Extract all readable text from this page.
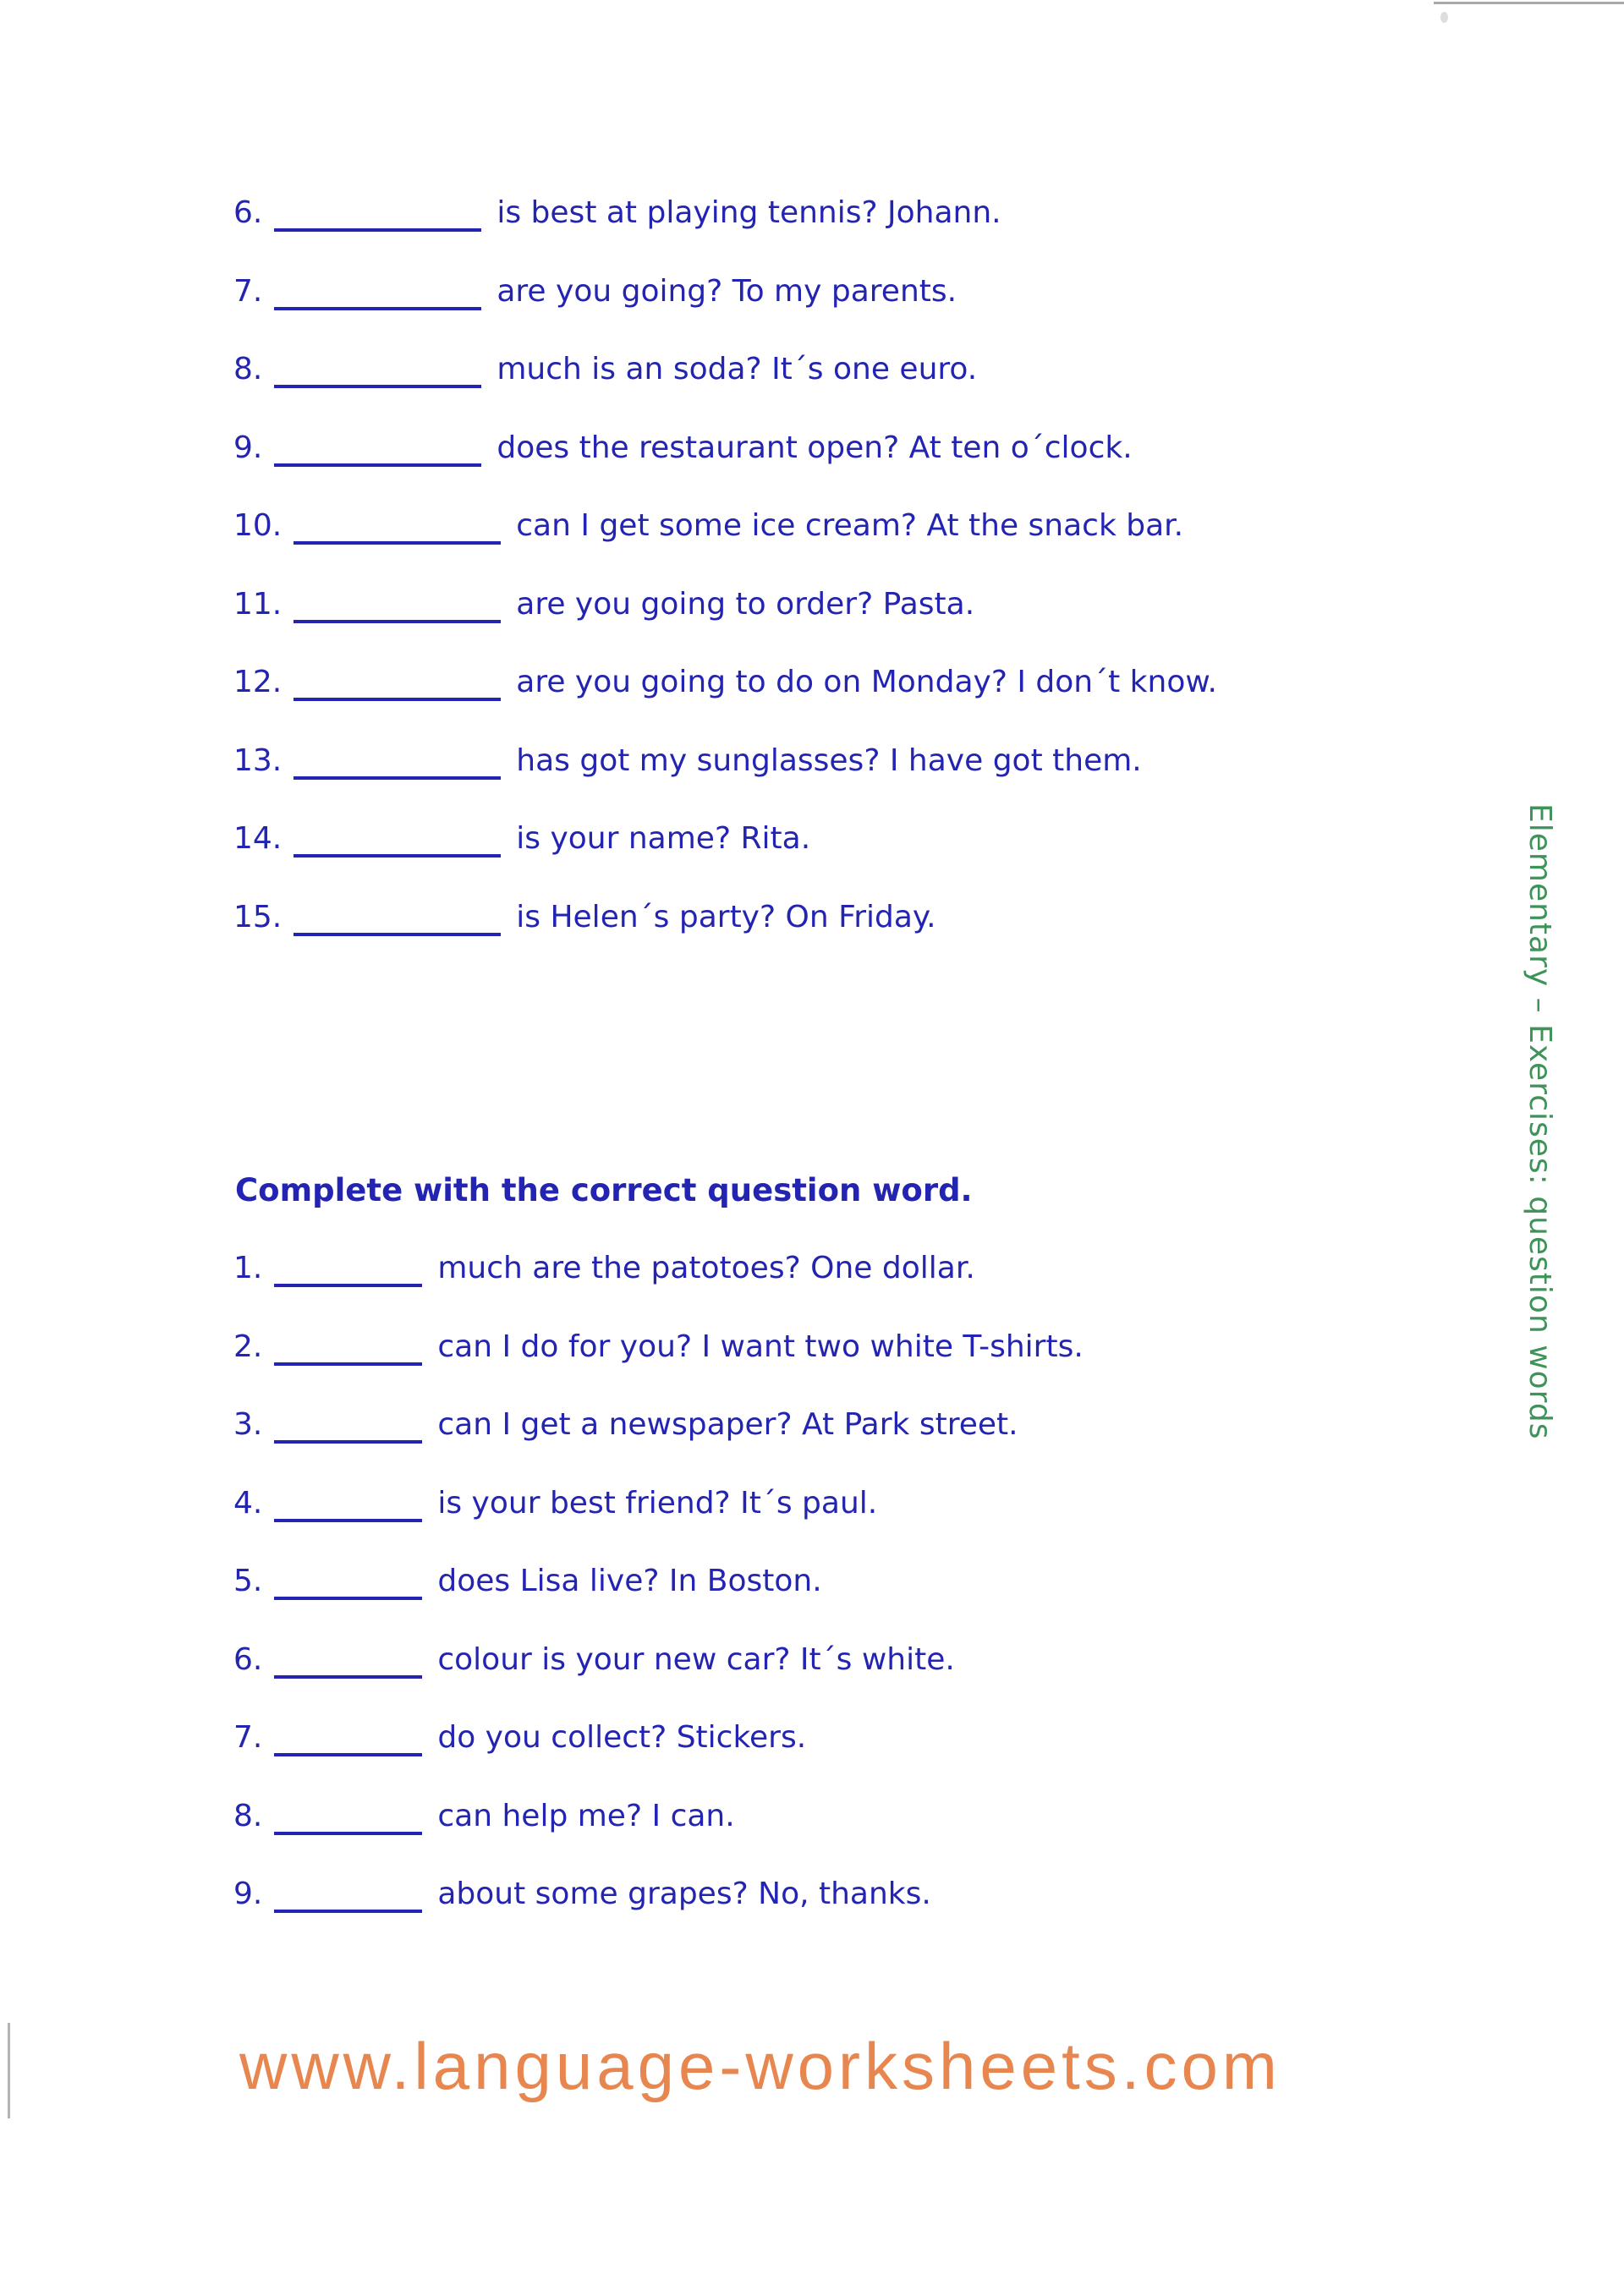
6.	is best at playing tennis? Johann.
7.	are you going? To my parents.
8.	much is an soda? It´s one euro.
9.	does the restaurant open? At ten o´clock.
10.	can I get some ice cream? At the snack bar.
11.	are you going to order? Pasta.
12.	are you going to do on Monday? I don´t know.
13.	has got my sunglasses? I have got them.
14.	is your name? Rita.
15.	is Helen´s party? On Friday.
Complete with the correct question word.
1.	much are the patotoes? One dollar.
2.	can I do for you? I want two white T-shirts.
3.	can I get a newspaper? At Park street.
4.	is your best friend? It´s paul.
5.	does Lisa live? In Boston.
6.	colour is your new car? It´s white.
7.	do you collect? Stickers.
8.	can help me? I can.
9.	about some grapes? No, thanks.
Elementary – Exercises: question words
www.language-worksheets.com
